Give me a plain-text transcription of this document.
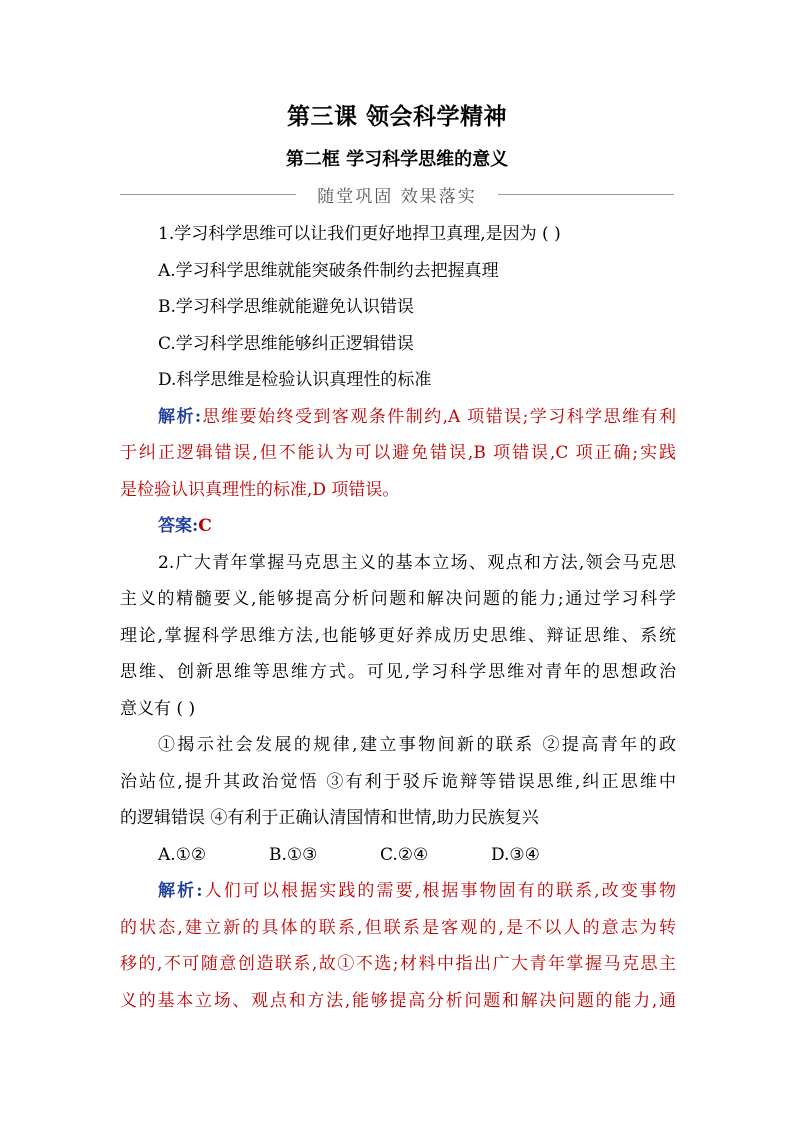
第三课 领会科学精神
第二框 学习科学思维的意义
随堂巩固 效果落实
1.学习科学思维可以让我们更好地捍卫真理,是因为 ( )
A.学习科学思维就能突破条件制约去把握真理
B.学习科学思维就能避免认识错误
C.学习科学思维能够纠正逻辑错误
D.科学思维是检验认识真理性的标准
解析:思维要始终受到客观条件制约,A 项错误;学习科学思维有利
于纠正逻辑错误,但不能认为可以避免错误,B 项错误,C 项正确;实践
是检验认识真理性的标准,D 项错误。
答案:C
2.广大青年掌握马克思主义的基本立场、观点和方法,领会马克思
主义的精髓要义,能够提高分析问题和解决问题的能力;通过学习科学
理论,掌握科学思维方法,也能够更好养成历史思维、辩证思维、系统
思维、创新思维等思维方式。可见,学习科学思维对青年的思想政治
意义有 ( )
①揭示社会发展的规律,建立事物间新的联系 ②提高青年的政
治站位,提升其政治觉悟 ③有利于驳斥诡辩等错误思维,纠正思维中
的逻辑错误 ④有利于正确认清国情和世情,助力民族复兴
A.①②	B.①③	C.②④	D.③④
解析:人们可以根据实践的需要,根据事物固有的联系,改变事物
的状态,建立新的具体的联系,但联系是客观的,是不以人的意志为转
移的,不可随意创造联系,故①不选;材料中指出广大青年掌握马克思主
义的基本立场、观点和方法,能够提高分析问题和解决问题的能力,通
